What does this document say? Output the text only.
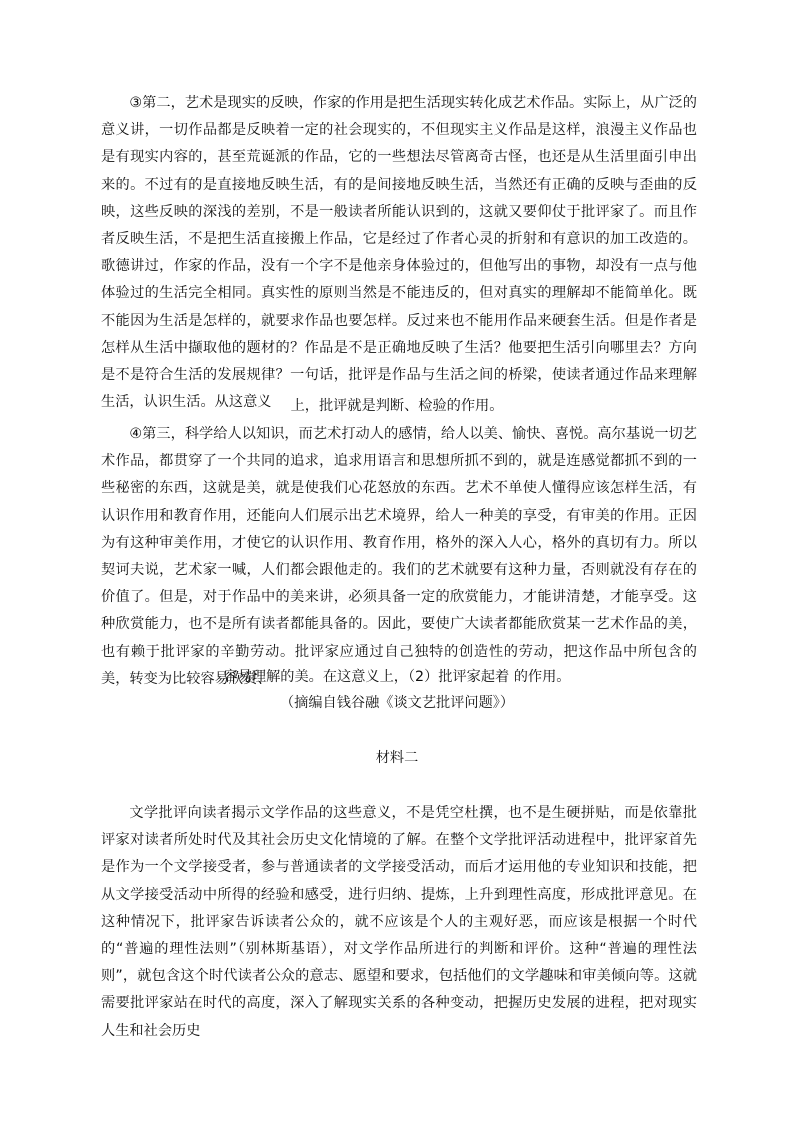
③第二，艺术是现实的反映，作家的作用是把生活现实转化成艺术作品。实际上，从广泛的意义讲，一切作品都是反映着一定的社会现实的，不但现实主义作品是这样，浪漫主义作品也是有现实内容的，甚至荒诞派的作品，它的一些想法尽管离奇古怪，也还是从生活里面引申出来的。不过有的是直接地反映生活，有的是间接地反映生活，当然还有正确的反映与歪曲的反映，这些反映的深浅的差别，不是一般读者所能认识到的，这就又要仰仗于批评家了。而且作者反映生活，不是把生活直接搬上作品，它是经过了作者心灵的折射和有意识的加工改造的。歌德讲过，作家的作品，没有一个字不是他亲身体验过的，但他写出的事物，却没有一点与他体验过的生活完全相同。真实性的原则当然是不能违反的，但对真实的理解却不能简单化。既不能因为生活是怎样的，就要求作品也要怎样。反过来也不能用作品来硬套生活。但是作者是怎样从生活中撷取他的题材的？作品是不是正确地反映了生活？他要把生活引向哪里去？方向是不是符合生活的发展规律？一句话，批评是作品与生活之间的桥梁，使读者通过作品来理解生活，认识生活。从这意义	上，批评就是判断、检验的作用。

④第三，科学给人以知识，而艺术打动人的感情，给人以美、愉快、喜悦。高尔基说一切艺术作品，都贯穿了一个共同的追求，追求用语言和思想所抓不到的，就是连感觉都抓不到的一些秘密的东西，这就是美，就是使我们心花怒放的东西。艺术不单使人懂得应该怎样生活，有认识作用和教育作用，还能向人们展示出艺术境界，给人一种美的享受，有审美的作用。正因为有这种审美作用，才使它的认识作用、教育作用，格外的深入人心，格外的真切有力。所以契诃夫说，艺术家一喊，人们都会跟他走的。我们的艺术就要有这种力量，否则就没有存在的价值了。但是，对于作品中的美来讲，必须具备一定的欣赏能力，才能讲清楚，才能享受。这种欣赏能力，也不是所有读者都能具备的。因此，要使广大读者都能欣赏某一艺术作品的美，也有赖于批评家的辛勤劳动。批评家应通过自己独特的创造性的劳动，把这作品中所包含的美，转变为比较容易欣赏、

容易理解的美。在这意义上，（2）批评家起着 的作用。

（摘编自钱谷融《谈文艺批评问题》）

材料二

文学批评向读者揭示文学作品的这些意义，不是凭空杜撰，也不是生硬拼贴，而是依靠批评家对读者所处时代及其社会历史文化情境的了解。在整个文学批评活动进程中，批评家首先是作为一个文学接受者，参与普通读者的文学接受活动，而后才运用他的专业知识和技能，把从文学接受活动中所得的经验和感受，进行归纳、提炼，上升到理性高度，形成批评意见。在这种情况下，批评家告诉读者公众的，就不应该是个人的主观好恶，而应该是根据一个时代的“普遍的理性法则”（别林斯基语），对文学作品所进行的判断和评价。这种“普遍的理性法则”，就包含这个时代读者公众的意志、愿望和要求，包括他们的文学趣味和审美倾向等。这就需要批评家站在时代的高度，深入了解现实关系的各种变动，把握历史发展的进程，把对现实人生和社会历史
